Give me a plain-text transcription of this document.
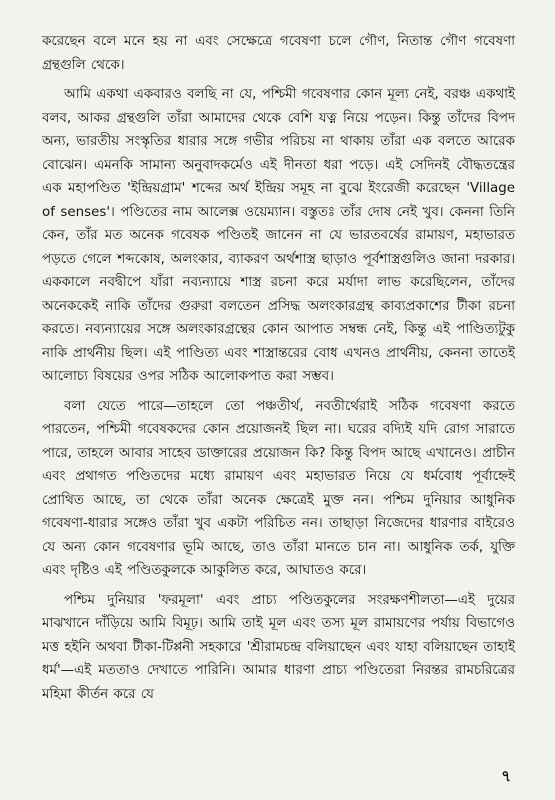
করেছেন বলে মনে হয় না এবং সেক্ষেত্রে গবেষণা চলে গৌণ, নিতান্ত গৌণ গবেষণা গ্রন্থগুলি থেকে।

আমি একথা একবারও বলছি না যে, পশ্চিমী গবেষণার কোন মূল্য নেই, বরঞ্চ একথাই বলব, আকর গ্রন্থগুলি তাঁরা আমাদের থেকে বেশি যত্ন নিয়ে পড়েন। কিন্তু তাঁদের বিপদ অন্য, ভারতীয় সংস্কৃতির ধারার সঙ্গে গভীর পরিচয় না থাকায় তাঁরা এক বলতে আরেক বোঝেন। এমনকি সামান্য অনুবাদকর্মেও এই দীনতা ধরা পড়ে। এই সেদিনই বৌদ্ধতন্ত্রের এক মহাপণ্ডিত 'ইন্দ্রিয়গ্রাম' শব্দের অর্থ ইন্দ্রিয় সমূহ না বুঝে ইংরেজী করেছেন 'Village of senses'। পণ্ডিতের নাম আলেক্স ওয়েম্যান। বস্তুতঃ তাঁর দোষ নেই খুব। কেননা তিনি কেন, তাঁর মত অনেক গবেষক পণ্ডিতই জানেন না যে ভারতবর্ষের রামায়ণ, মহাভারত পড়তে গেলে শব্দকোষ, অলংকার, ব্যাকরণ অর্থশাস্ত্র ছাড়াও পূর্বশাস্ত্রগুলিও জানা দরকার। এককালে নবদ্বীপে যাঁরা নব্যন্যায়ে শাস্ত্র রচনা করে মর্যাদা লাভ করেছিলেন, তাঁদের অনেককেই নাকি তাঁদের গুরুরা বলতেন প্রসিদ্ধ অলংকারগ্রন্থ কাব্যপ্রকাশের টীকা রচনা করতে। নব্যন্যায়ের সঙ্গে অলংকারগ্রন্থের কোন আপাত সম্বন্ধ নেই, কিন্তু এই পাণ্ডিত্যটুকু নাকি প্রার্থনীয় ছিল। এই পাণ্ডিত্য এবং শাস্ত্রান্তরের বোধ এখনও প্রার্থনীয়, কেননা তাতেই আলোচ্য বিষয়ের ওপর সঠিক আলোকপাত করা সম্ভব।

বলা যেতে পারে—তাহলে তো পঞ্চতীর্থ, নবতীর্থেরাই সঠিক গবেষণা করতে পারতেন, পশ্চিমী গবেষকদের কোন প্রয়োজনই ছিল না। ঘরের বদ্যিই যদি রোগ সারাতে পারে, তাহলে আবার সাহেব ডাক্তারের প্রয়োজন কি? কিন্তু বিপদ আছে এখানেও। প্রাচীন এবং প্রথাগত পণ্ডিতদের মধ্যে রামায়ণ এবং মহাভারত নিয়ে যে ধর্মবোধ পূর্বাহ্নেই প্রোথিত আছে, তা থেকে তাঁরা অনেক ক্ষেত্রেই মুক্ত নন। পশ্চিম দুনিয়ার আধুনিক গবেষণা-ধারার সঙ্গেও তাঁরা খুব একটা পরিচিত নন। তাছাড়া নিজেদের ধারণার বাইরেও যে অন্য কোন গবেষণার ভূমি আছে, তাও তাঁরা মানতে চান না। আধুনিক তর্ক, যুক্তি এবং দৃষ্টিও এই পণ্ডিতকুলকে আকুলিত করে, আঘাতও করে।

পশ্চিম দুনিয়ার 'ফরমূলা' এবং প্রাচ্য পণ্ডিতকুলের সংরক্ষণশীলতা—এই দুয়ের মাঝখানে দাঁড়িয়ে আমি বিমূঢ়। আমি তাই মূল এবং তস্য মূল রামায়ণের পর্যায় বিভাগেও মত্ত হইনি অথবা টীকা-টিপ্পনী সহকারে 'শ্রীরামচন্দ্র বলিয়াছেন এবং যাহা বলিয়াছেন তাহাই ধর্ম'—এই মততাও দেখাতে পারিনি। আমার ধারণা প্রাচ্য পণ্ডিতেরা নিরন্তর রামচরিত্রের মহিমা কীর্তন করে যে

৭
